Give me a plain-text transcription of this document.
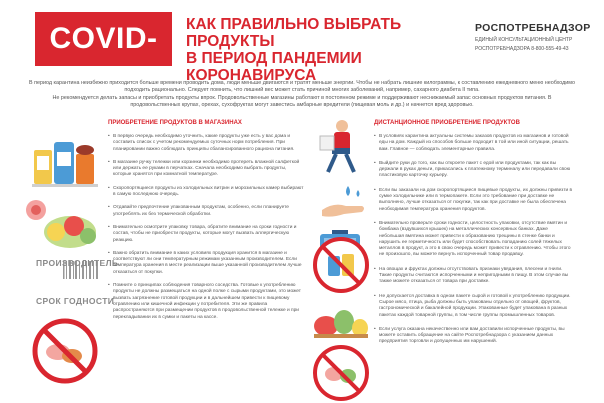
COVID-19
КАК ПРАВИЛЬНО ВЫБРАТЬ ПРОДУКТЫ
В ПЕРИОД ПАНДЕМИИ КОРОНАВИРУСА
РОСПОТРЕБНАДЗОР
ЕДИНЫЙ КОНСУЛЬТАЦИОННЫЙ ЦЕНТР
РОСПОТРЕБНАДЗОРА 8-800-555-49-43

В период карантина неизбежно приходится больше времени проводить дома, люди меньше двигаются и тратят меньше энергии. Чтобы не набрать лишние килограммы, к составлению ежедневного меню необходимо подходить рационально. Следует помнить, что лишний вес может стать причиной многих заболеваний, например, сахарного диабета II типа.

Не рекомендуется делать запасы и приобретать продукты впрок. Продовольственные магазины работают в постоянном режиме и поддерживают неснижаемый запас основных продуктов питания. В продовольственных крупах, орехах, сухофруктах могут завестись амбарные вредители (пищевая моль и др.) и начнется вред здоровью.

ПРОИЗВОДИТЕЛЬ
СРОК ГОДНОСТИ
ПРИОБРЕТЕНИЕ ПРОДУКТОВ В МАГАЗИНАХ	ДИСТАНЦИОННОЕ ПРИОБРЕТЕНИЕ ПРОДУКТОВ
• В первую очередь необходимо уточнить, какие продукты уже есть у вас дома и составить список с учетом рекомендуемых суточных норм потребления. При планировании важно соблюдать принципы сбалансированного рациона питания.
• В магазине ручку тележки или корзинки необходимо протереть влажной салфеткой или держать ее руками в перчатках. Сначала необходимо выбрать продукты, которые хранятся при комнатной температуре.
• Скоропортящиеся продукты из холодильных витрин и морозильных камер выбирают в самую последнюю очередь.
• Отдавайте предпочтение упакованным продуктам, особенно, если планируете употреблять их без термической обработки.
• Внимательно осмотрите упаковку товара, обратите внимание на сроки годности и состав, чтобы не приобрести продукты, которые могут вызвать аллергическую реакцию.
• Важно обратить внимание в каких условиях продукция хранится в магазине и соответствуют ли они температурным режимам указанным производителем. Если температура хранения в месте реализации выше указанной производителем лучше отказаться от покупки.
• Помните о принципах соблюдения товарного соседства. Готовые к употреблению продукты не должны размещаться на одной полке с сырыми продуктами, это может вызвать загрязнение готовой продукции и в дальнейшем привести к пищевому отравлению или кишечной инфекции у потребителя. Эти же правила распространяются при размещении продуктов в продовольственной тележке и при перекладывании их в сумки и пакеты на кассе.
• В условиях карантина актуальны системы заказов продуктов из магазинов и готовой еды на дом. Каждый из способов больше подходит в той или иной ситуации, решать вам. Главное — соблюдать элементарные правила.
• Выйдите руки до того, как вы откроете пакет с едой или продуктами, так как вы держали в руках деньги, прикасались к платежному терминалу или передавали свою пластиковую карточку курьеру.
• Если вы заказали на дом скоропортящиеся пищевые продукты, их должны привезти в сумке холодильнике или в термопакете. Если это требование при доставке не выполнено, лучше отказаться от покупки, так как при доставке не была обеспечена необходимая температура хранения продуктов.
• Внимательно проверьте сроки годности, целостность упаковки, отсутствие вмятин и бомбажа (вздувшихся крышек) на металлических консервных банках. Даже небольшая вмятина может привести к образованию трещины в стенке банки и нарушить ее герметичность или будет способствовать попаданию солей тяжелых металлов в продукт, а это в свою очередь может привести к отравлению. Чтобы этого не произошло, вы можете вернуть испорченный товар продавцу.
• На овощах и фруктах должны отсутствовать признаки увядания, плесени и гнили. Такие продукты считаются испорченными и непригодными в пищу. В этом случае вы также можете отказаться от товара при доставке.
• Не допускается доставка в одном пакете сырой и готовой к употреблению продукции. Сырое мясо, птица, рыба должны быть упакованы отдельно от овощей, фруктов, гастрономической и бакалейной продукции. Упакованные будет упакована в разных пакетах каждой товарной группы, в том числе группы промышленных товаров.
• Если услуга оказана некачественно или вам доставили испорченные продукты, вы можете оставить обращение на сайте Роспотребнадзора с указанием данных предприятия торговли и допущенных им нарушений.
